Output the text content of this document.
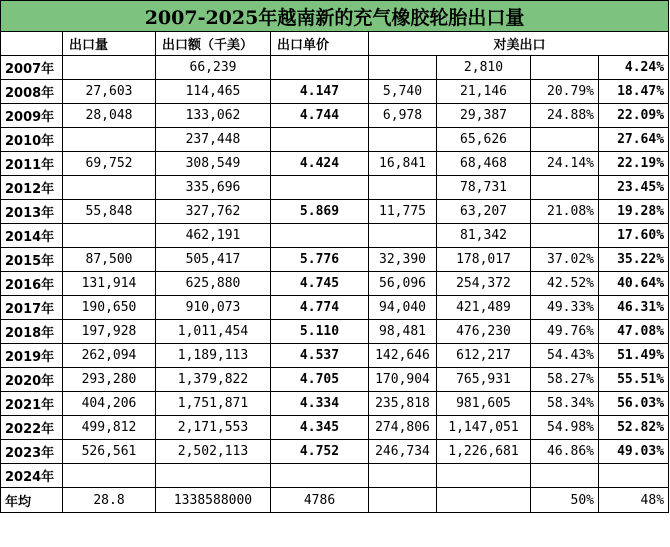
2007-2025年越南新的充气橡胶轮胎出口量							
	出口量	出口额（千美）	出口单价	对美出口			
2007年		66,239			2,810		4.24%
2008年	27,603	114,465	4.147	5,740	21,146	20.79%	18.47%
2009年	28,048	133,062	4.744	6,978	29,387	24.88%	22.09%
2010年		237,448			65,626		27.64%
2011年	69,752	308,549	4.424	16,841	68,468	24.14%	22.19%
2012年		335,696			78,731		23.45%
2013年	55,848	327,762	5.869	11,775	63,207	21.08%	19.28%
2014年		462,191			81,342		17.60%
2015年	87,500	505,417	5.776	32,390	178,017	37.02%	35.22%
2016年	131,914	625,880	4.745	56,096	254,372	42.52%	40.64%
2017年	190,650	910,073	4.774	94,040	421,489	49.33%	46.31%
2018年	197,928	1,011,454	5.110	98,481	476,230	49.76%	47.08%
2019年	262,094	1,189,113	4.537	142,646	612,217	54.43%	51.49%
2020年	293,280	1,379,822	4.705	170,904	765,931	58.27%	55.51%
2021年	404,206	1,751,871	4.334	235,818	981,605	58.34%	56.03%
2022年	499,812	2,171,553	4.345	274,806	1,147,051	54.98%	52.82%
2023年	526,561	2,502,113	4.752	246,734	1,226,681	46.86%	49.03%
2024年							
年均	28.8	1338588000	4786			50%	48%
